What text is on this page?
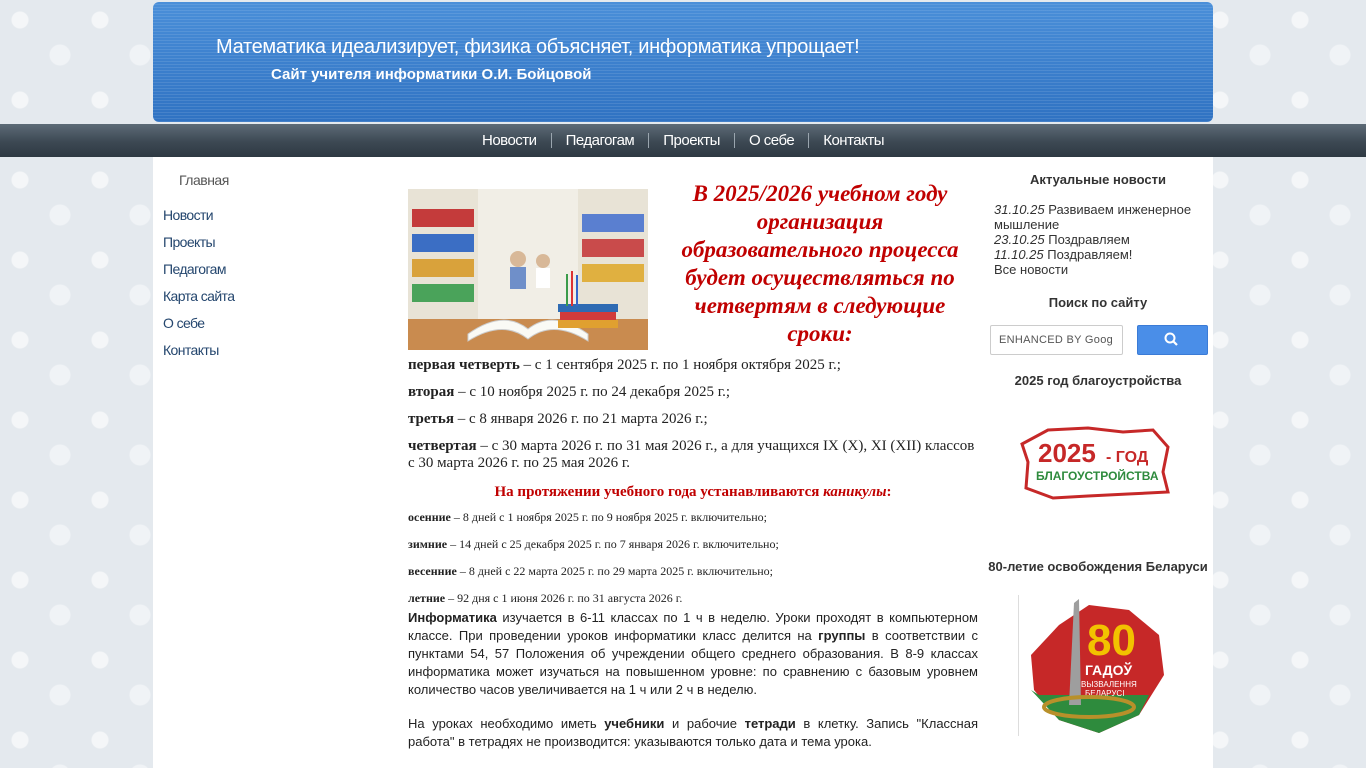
Математика идеализирует, физика объясняет, информатика упрощает!
Сайт учителя информатики О.И. Бойцовой
Новости	Педагогам	Проекты	О себе	Контакты
Главная
Новости
Проекты
Педагогам
Карта сайта
О себе
Контакты
В 2025/2026 учебном году организация образовательного процесса будет осуществляться по четвертям в следующие сроки:

первая четверть – с 1 сентября 2025 г. по 1 ноября октября 2025 г.;

вторая – с 10 ноября 2025 г. по 24 декабря 2025 г.;

третья – с 8 января 2026 г. по 21 марта 2026 г.;

четвертая – с 30 марта 2026 г. по 31 мая 2026 г., а для учащихся IX (X), XI (XII) классов с 30 марта 2026 г. по 25 мая 2026 г.

На протяжении учебного года устанавливаются каникулы:

осенние – 8 дней с 1 ноября 2025 г. по 9 ноября 2025 г. включительно;

зимние – 14 дней с 25 декабря 2025 г. по 7 января 2026 г. включительно;

весенние – 8 дней с 22 марта 2025 г. по 29 марта 2025 г. включительно;

летние – 92 дня с 1 июня 2026 г. по 31 августа 2026 г.

Информатика изучается в 6-11 классах по 1 ч в неделю. Уроки проходят в компьютерном классе. При проведении уроков информатики класс делится на группы в соответствии с пунктами 54, 57 Положения об учреждении общего среднего образования. В 8-9 классах информатика может изучаться на повышенном уровне: по сравнению с базовым уровнем количество часов увеличивается на 1 ч или 2 ч в неделю.

На уроках необходимо иметь учебники и рабочие тетради в клетку. Запись "Классная работа" в тетрадях не производится: указываются только дата и тема урока.

Актуальные новости
31.10.25 Развиваем инженерное мышление
23.10.25 Поздравляем
11.10.25 Поздравляем!
Все новости
Поиск по сайту
ENHANCED BY Goog
2025 год благоустройства
2025 - ГОД
БЛАГОУСТРОЙСТВА
80-летие освобождения Беларуси
80
ГАДОЎ
ВЫЗВАЛЕННЯ
БЕЛАРУСІ
